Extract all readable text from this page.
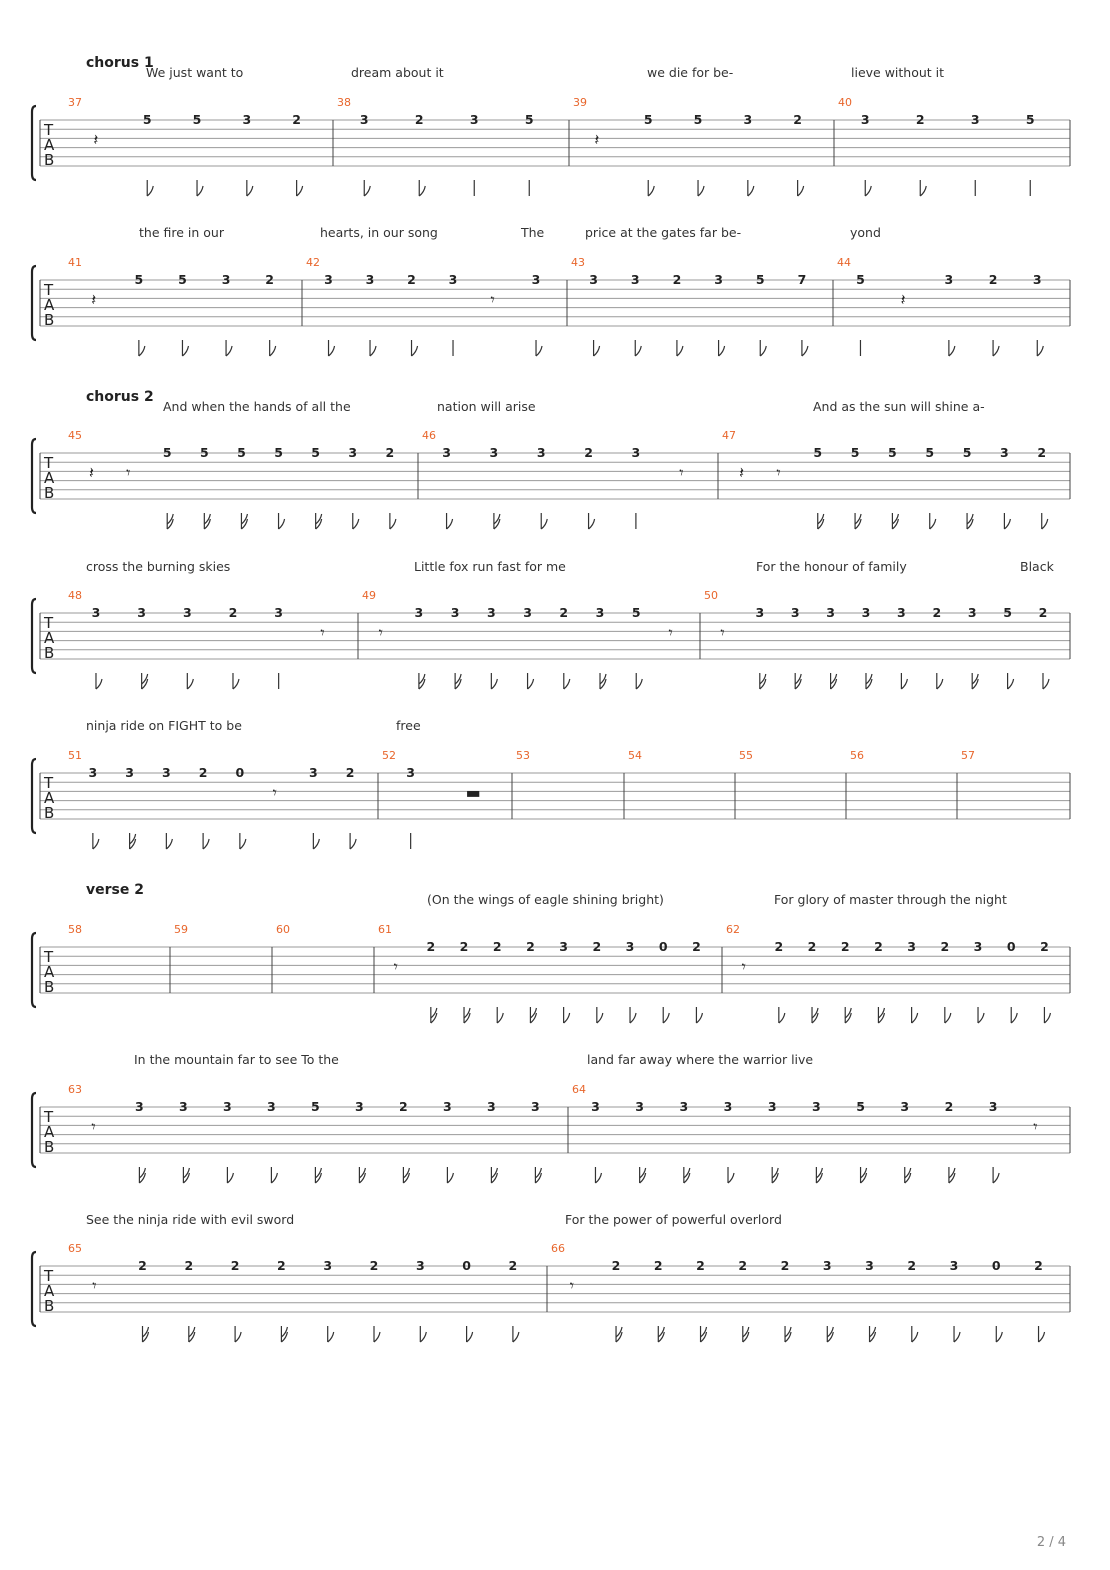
chorus 1
We just want to	dream about it	we die for be-	lieve without it
T
A
B
37
𝄽
5	5	3	2
38
3	2	3	5
39
𝄽
5	5	3	2
40
3	2	3	5
the fire in our	hearts, in our song	The	price at the gates far be-	yond
T
A
B
41
𝄽
5	5	3	2
42
3	3	2	3
𝄾
3
43
3	3	2	3	5	7
44
5
𝄽
3	2	3
chorus 2
And when the hands of all the	nation will arise	And as the sun will shine a-
T
A
B
45
𝄽 𝄾
5 5 5 5 5 3 2
46
3	3	3	2	3
𝄾
47
𝄽 𝄾
5 5 5 5 5 3 2
cross the burning skies	Little fox run fast for me	For the honour of family	Black
T
A
B
48
3	3	3	2	3
𝄾
49
𝄾
3 3 3 3 2 3 5
𝄾
50
𝄾
3 3 3 3 3 2 3 5 2
ninja ride on FIGHT to be	free
T
A
B
51
3 3 3 2 0
𝄾
3 2
52
3
▬
53	54	55	56	57
verse 2
(On the wings of eagle shining bright)	For glory of master through the night
T
A
B
58	59	60	61
𝄾
2 2 2 2 3 2 3 0 2
62
𝄾
2 2 2 2 3 2 3 0 2
In the mountain far to see To the	land far away where the warrior live
T
A
B
63
𝄾
3	3	3	3	5	3	2	3	3	3
64
3	3	3	3	3	3	5	3	2	3
𝄾
See the ninja ride with evil sword	For the power of powerful overlord
T
A
B
65
𝄾
2	2	2	2	3	2	3	0	2
66
𝄾
2	2	2	2	2	3	3	2	3	0	2
2 / 4
